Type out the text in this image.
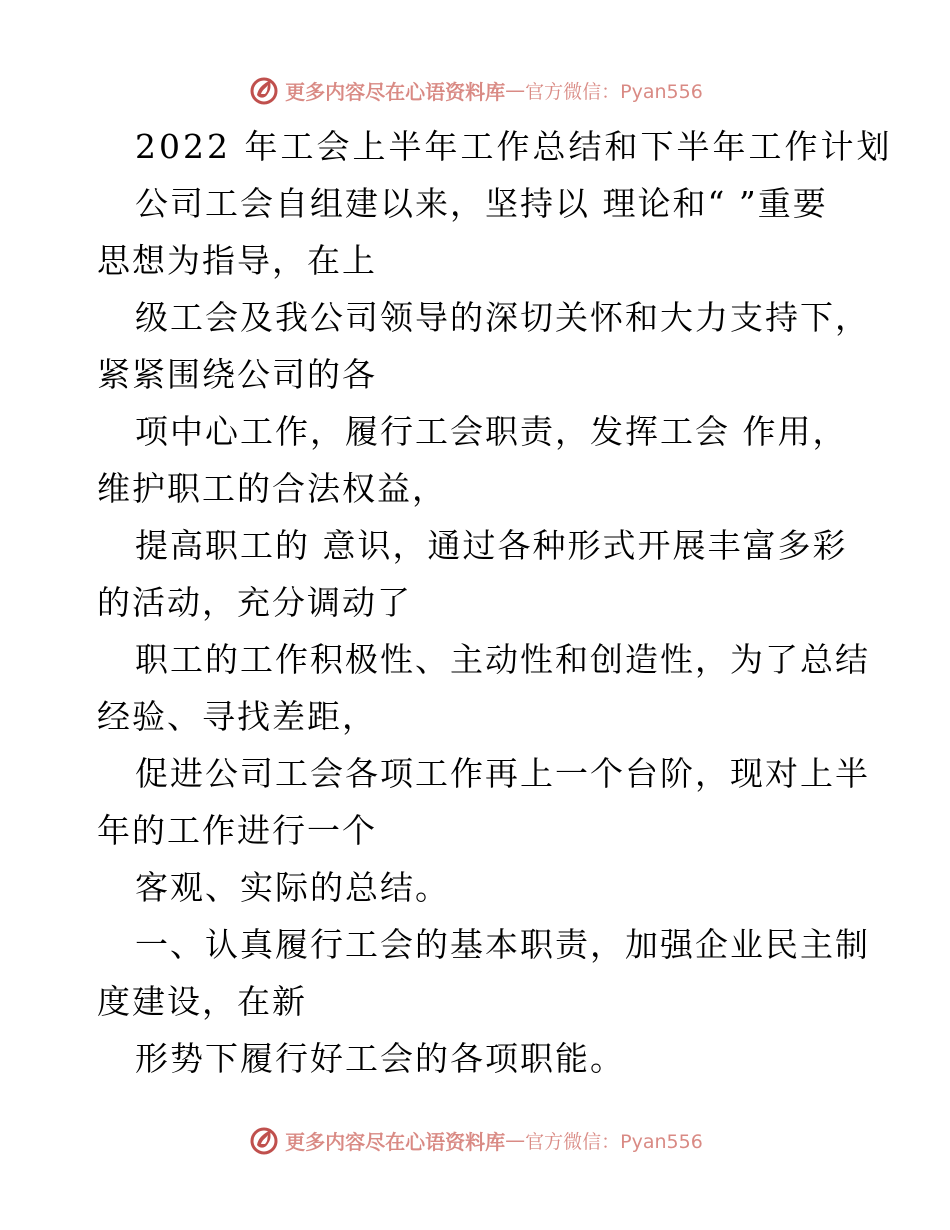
更多内容尽在心语资料库 — 官方微信：Pyan556
2022 年工会上半年工作总结和下半年工作计划
公司工会自组建以来，坚持以 理论和“ ”重要
思想为指导，在上
级工会及我公司领导的深切关怀和大力支持下，
紧紧围绕公司的各
项中心工作，履行工会职责，发挥工会 作用，
维护职工的合法权益，
提高职工的 意识，通过各种形式开展丰富多彩
的活动，充分调动了
职工的工作积极性、主动性和创造性，为了总结
经验、寻找差距，
促进公司工会各项工作再上一个台阶，现对上半
年的工作进行一个
客观、实际的总结。
一、认真履行工会的基本职责，加强企业民主制
度建设，在新
形势下履行好工会的各项职能。
更多内容尽在心语资料库 — 官方微信：Pyan556
